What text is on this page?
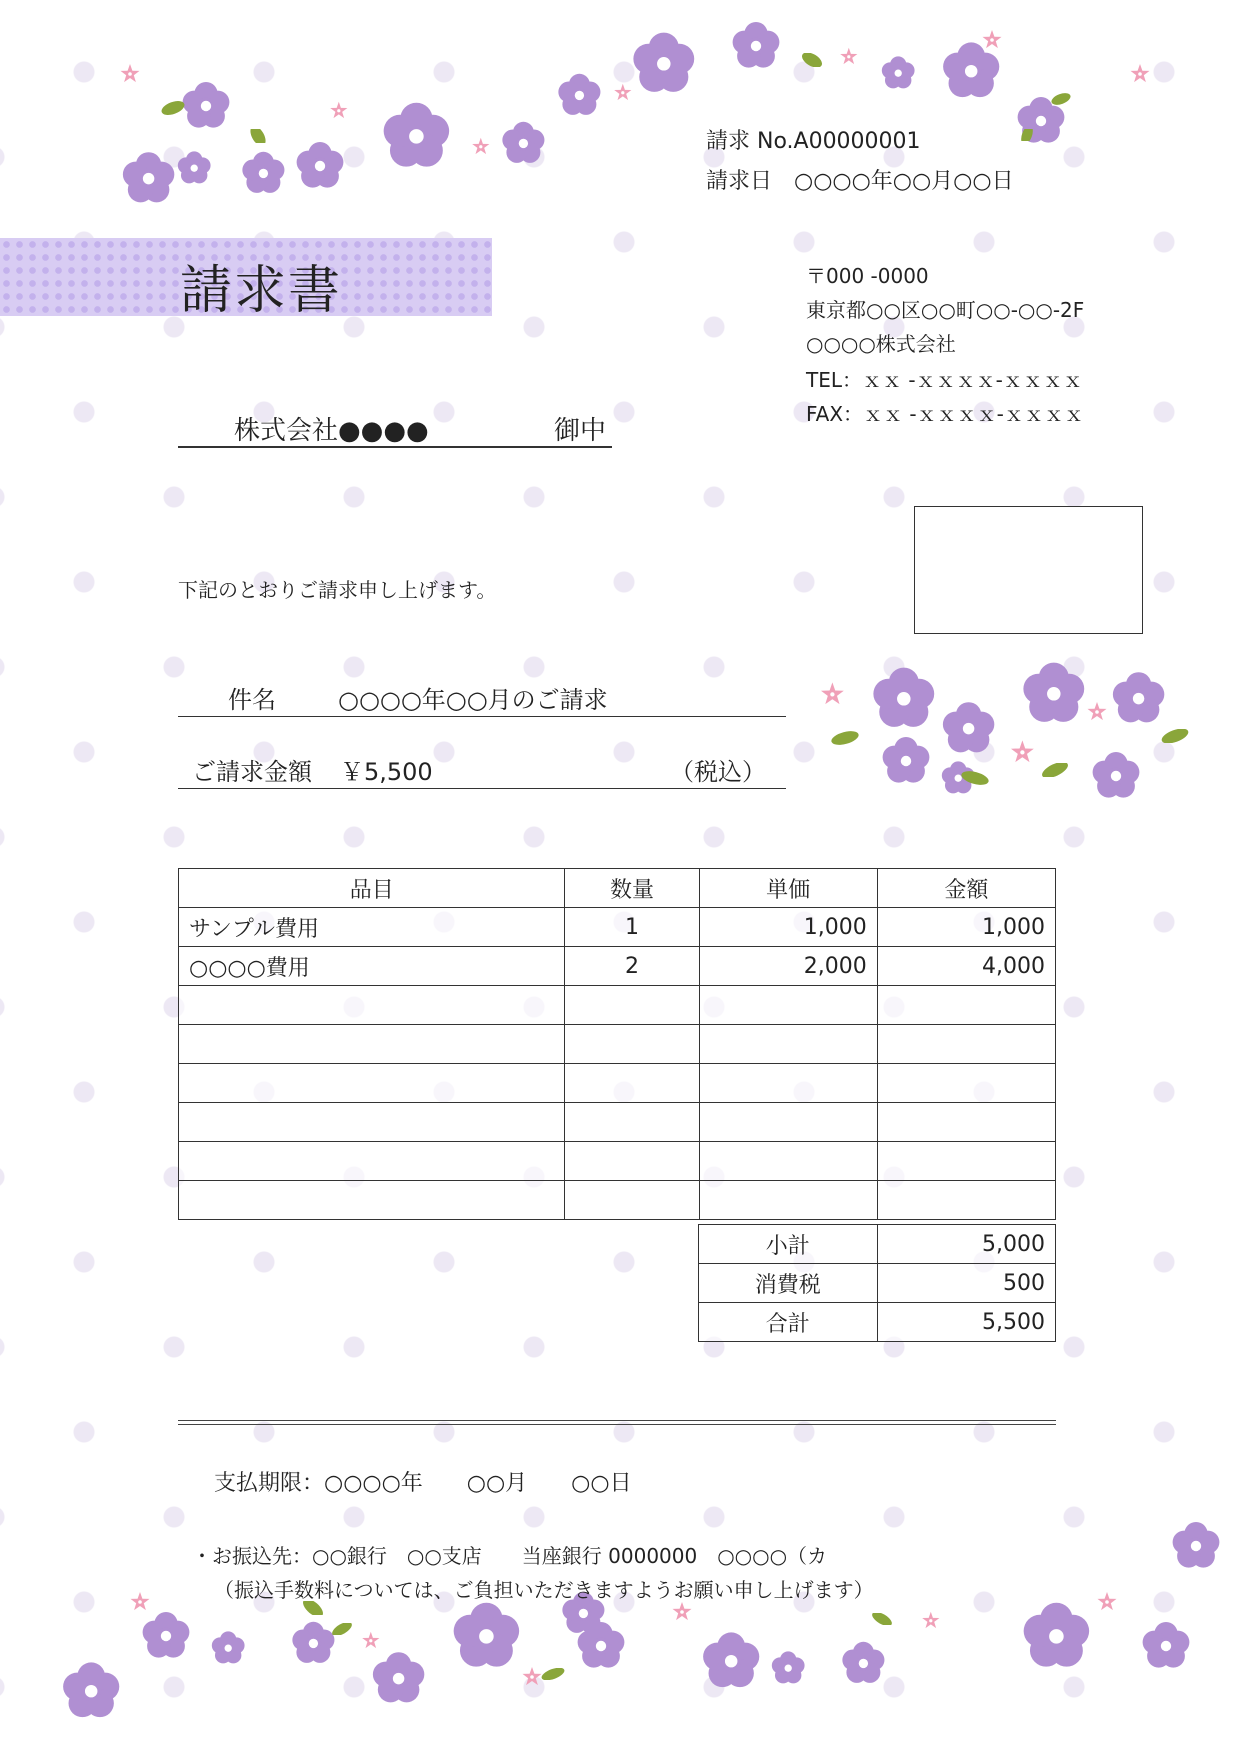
請求 No.A00000001
請求日　○○○○年○○月○○日
請求書	〒000 -0000
東京都○○区○○町○○-○○-2F
○○○○株式会社
TEL：ｘｘ -ｘｘｘｘ-ｘｘｘｘ
FAX：ｘｘ -ｘｘｘｘ-ｘｘｘｘ
株式会社●●●●	御中
下記のとおりご請求申し上げます。
件名	○○○○年○○月のご請求
ご請求金額 ￥5,500	（税込）
品目	数量	単価	金額
サンプル費用	1	1,000	1,000
○○○○費用	2	2,000	4,000

小計	5,000
消費税	500
合計	5,500
支払期限：○○○○年　　○○月　　○○日
・お振込先：○○銀行　○○支店　　当座銀行 0000000　○○○○（カ
（振込手数料については、ご負担いただきますようお願い申し上げます）
